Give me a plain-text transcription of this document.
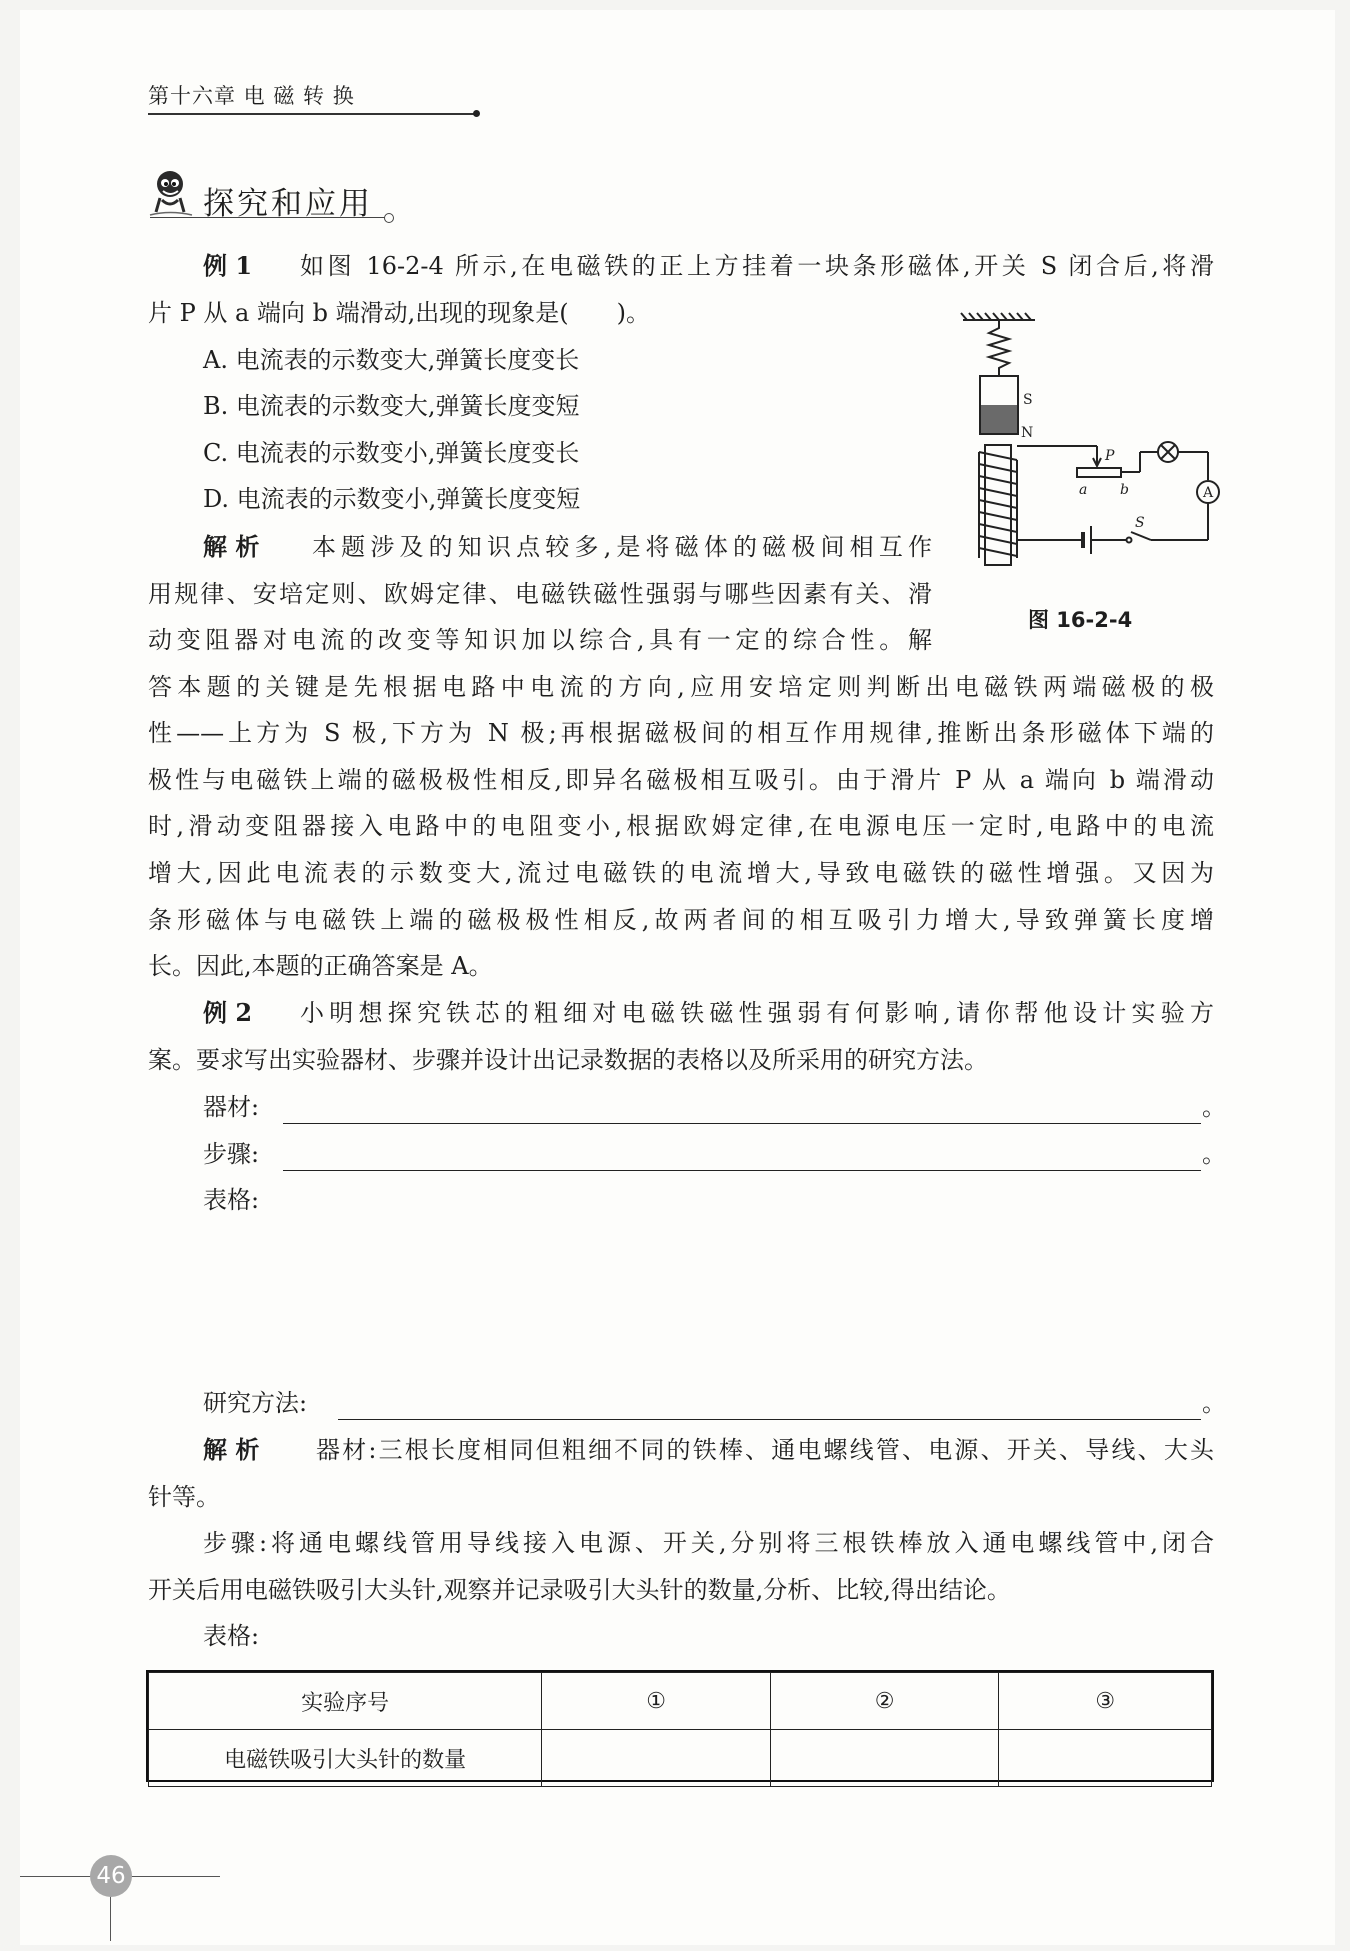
第十六章 电 磁 转 换
探究和应用
例 1 如图 16-2-4 所示,在电磁铁的正上方挂着一块条形磁体,开关 S 闭合后,将滑
片 P 从 a 端向 b 端滑动,出现的现象是(　　)。
A. 电流表的示数变大,弹簧长度变长
B. 电流表的示数变大,弹簧长度变短
C. 电流表的示数变小,弹簧长度变长
D. 电流表的示数变小,弹簧长度变短
解 析 本题涉及的知识点较多,是将磁体的磁极间相互作
用规律、安培定则、欧姆定律、电磁铁磁性强弱与哪些因素有关、滑
动变阻器对电流的改变等知识加以综合,具有一定的综合性。解
答本题的关键是先根据电路中电流的方向,应用安培定则判断出电磁铁两端磁极的极
性——上方为 S 极,下方为 N 极;再根据磁极间的相互作用规律,推断出条形磁体下端的
极性与电磁铁上端的磁极极性相反,即异名磁极相互吸引。由于滑片 P 从 a 端向 b 端滑动
时,滑动变阻器接入电路中的电阻变小,根据欧姆定律,在电源电压一定时,电路中的电流
增大,因此电流表的示数变大,流过电磁铁的电流增大,导致电磁铁的磁性增强。又因为
条形磁体与电磁铁上端的磁极极性相反,故两者间的相互吸引力增大,导致弹簧长度增
长。因此,本题的正确答案是 A。
S
N
P
a b	A
S
图 16-2-4
例 2 小明想探究铁芯的粗细对电磁铁磁性强弱有何影响,请你帮他设计实验方
案。要求写出实验器材、步骤并设计出记录数据的表格以及所采用的研究方法。
器材:	。
步骤:	。
表格:
研究方法:	。
解 析 器材:三根长度相同但粗细不同的铁棒、通电螺线管、电源、开关、导线、大头
针等。
步骤:将通电螺线管用导线接入电源、开关,分别将三根铁棒放入通电螺线管中,闭合
开关后用电磁铁吸引大头针,观察并记录吸引大头针的数量,分析、比较,得出结论。
表格:
实验序号	①	②	③
电磁铁吸引大头针的数量			
46
